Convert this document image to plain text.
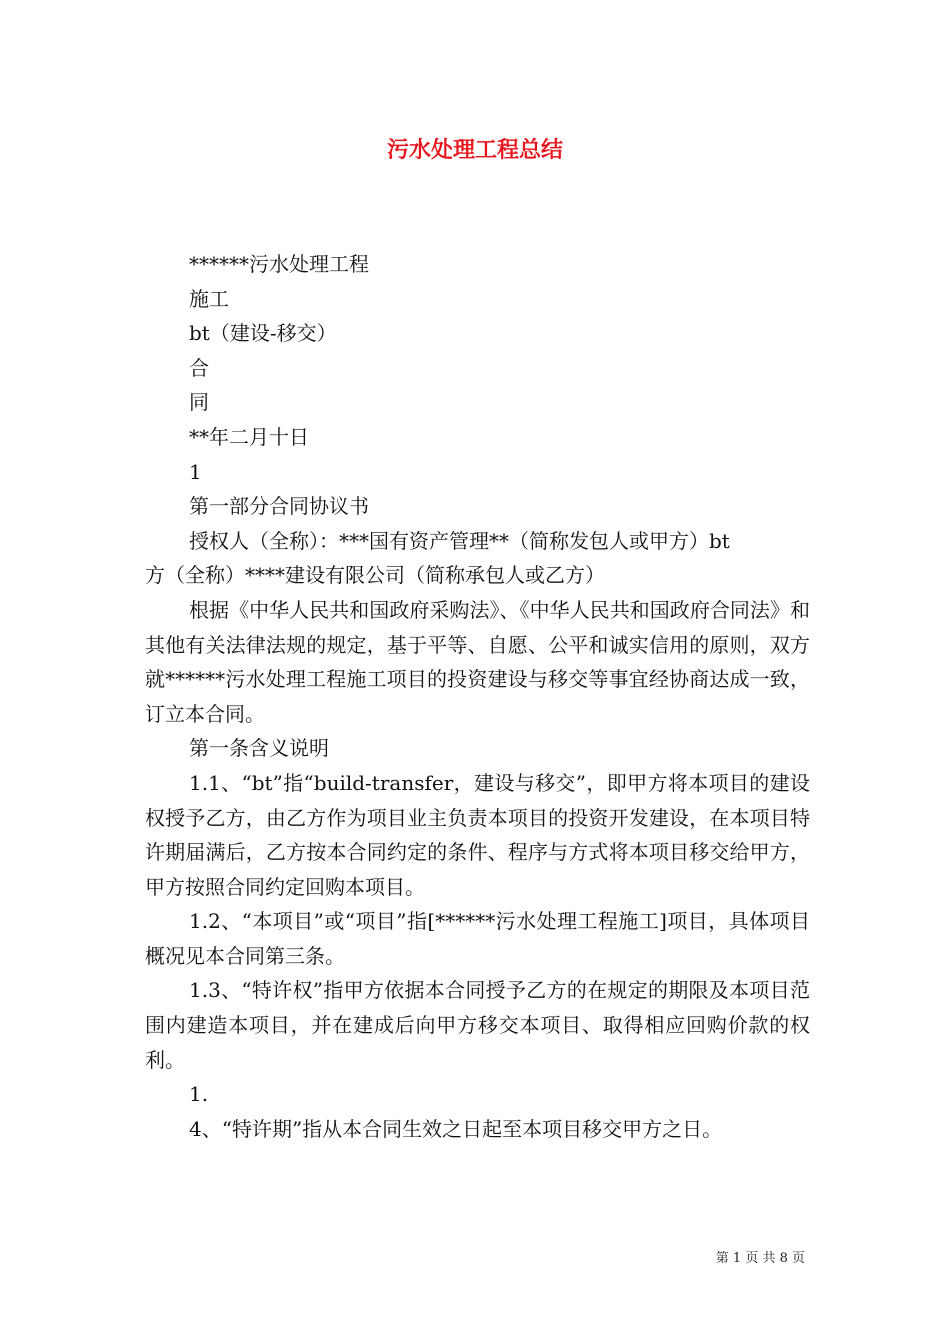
污水处理工程总结

******污水处理工程

施工

bt（建设-移交）

合

同

**年二月十日

1

第一部分合同协议书

授权人（全称）：***国有资产管理**（简称发包人或甲方）bt

方（全称）****建设有限公司（简称承包人或乙方）

根据《中华人民共和国政府采购法》、《中华人民共和国政府合同法》和其他有关法律法规的规定，基于平等、自愿、公平和诚实信用的原则，双方就******污水处理工程施工项目的投资建设与移交等事宜经协商达成一致，订立本合同。

第一条含义说明

1.1、“bt”指“build-transfer，建设与移交”，即甲方将本项目的建设权授予乙方，由乙方作为项目业主负责本项目的投资开发建设，在本项目特许期届满后，乙方按本合同约定的条件、程序与方式将本项目移交给甲方，甲方按照合同约定回购本项目。

1.2、“本项目”或“项目”指[******污水处理工程施工]项目，具体项目概况见本合同第三条。

1.3、“特许权”指甲方依据本合同授予乙方的在规定的期限及本项目范围内建造本项目，并在建成后向甲方移交本项目、取得相应回购价款的权利。

1.

4、“特许期”指从本合同生效之日起至本项目移交甲方之日。

第 1 页 共 8 页
